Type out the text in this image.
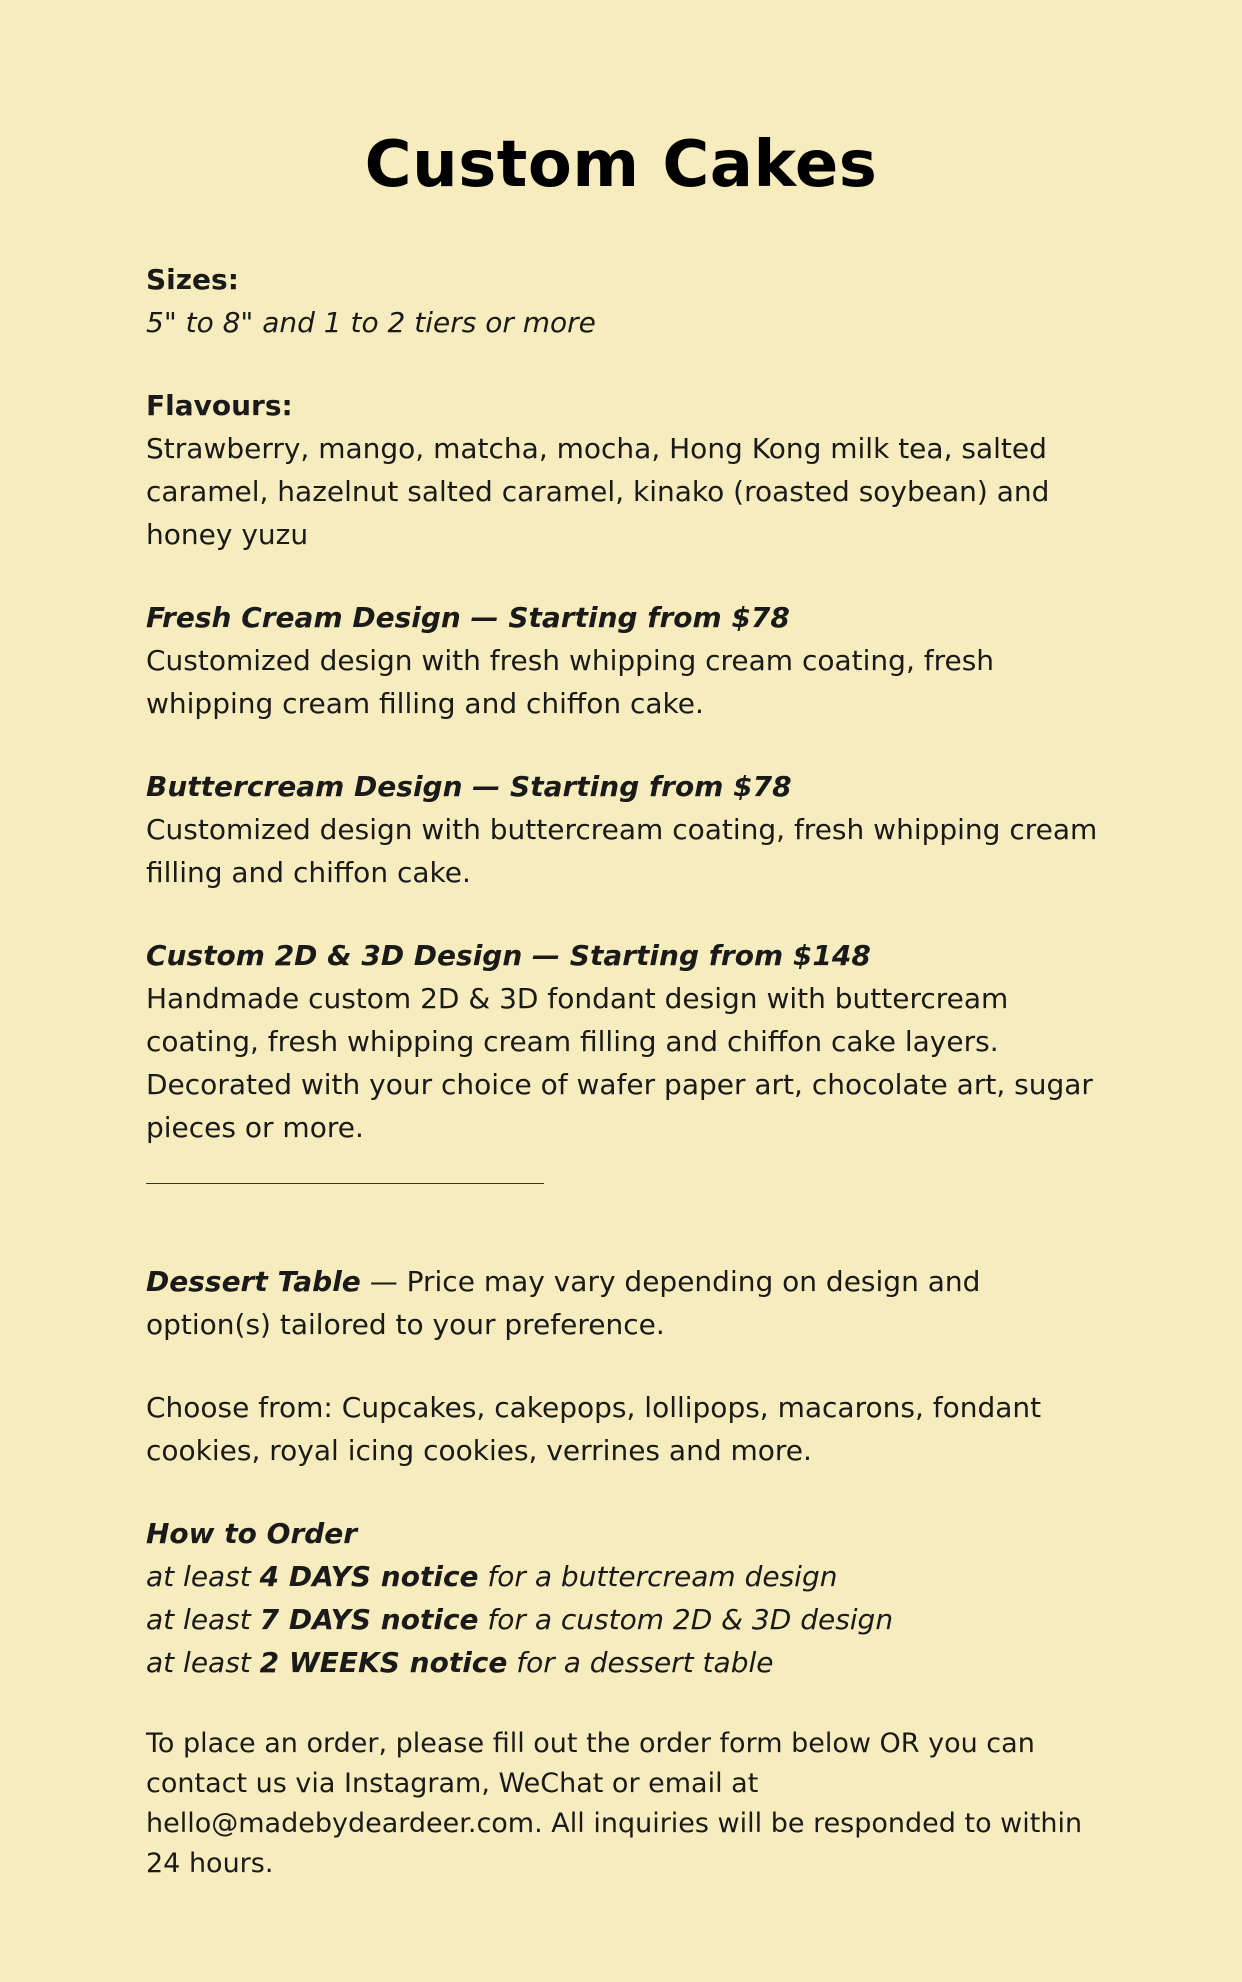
Custom Cakes
Sizes:
5" to 8" and 1 to 2 tiers or more
Flavours:
Strawberry, mango, matcha, mocha, Hong Kong milk tea, salted caramel, hazelnut salted caramel, kinako (roasted soybean) and honey yuzu
Fresh Cream Design — Starting from $78
Customized design with fresh whipping cream coating, fresh whipping cream filling and chiffon cake.
Buttercream Design — Starting from $78
Customized design with buttercream coating, fresh whipping cream filling and chiffon cake.
Custom 2D & 3D Design — Starting from $148
Handmade custom 2D & 3D fondant design with buttercream coating, fresh whipping cream filling and chiffon cake layers. Decorated with your choice of wafer paper art, chocolate art, sugar pieces or more.
Dessert Table — Price may vary depending on design and option(s) tailored to your preference.
Choose from: Cupcakes, cakepops, lollipops, macarons, fondant cookies, royal icing cookies, verrines and more.
How to Order
at least 4 DAYS notice for a buttercream design
at least 7 DAYS notice for a custom 2D & 3D design
at least 2 WEEKS notice for a dessert table

To place an order, please fill out the order form below OR you can contact us via Instagram, WeChat or email at hello@madebydeardeer.com. All inquiries will be responded to within 24 hours.
